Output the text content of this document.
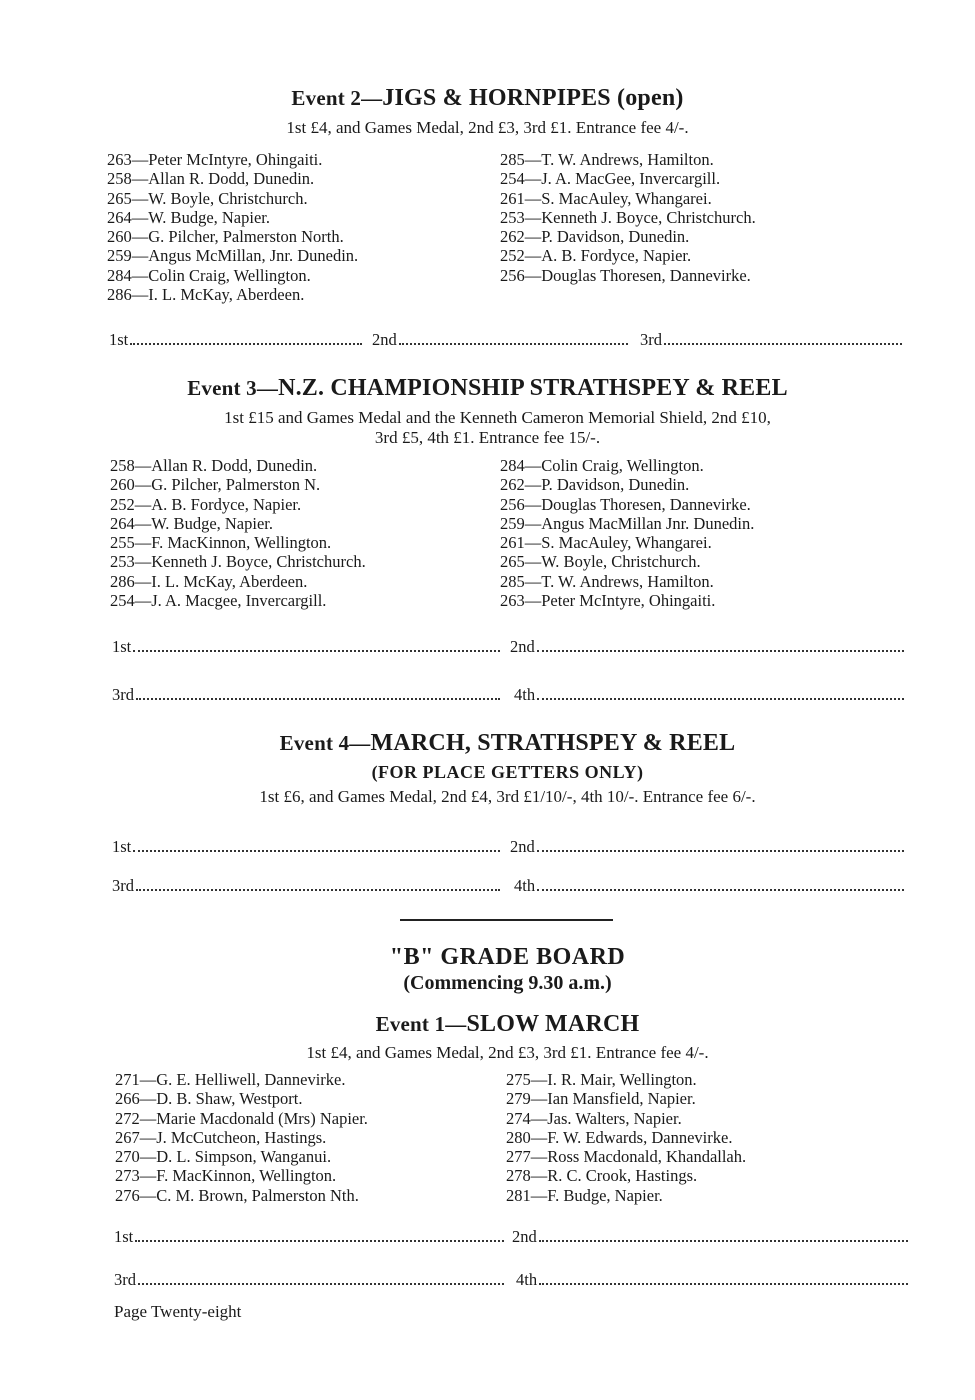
Event 2—JIGS & HORNPIPES (open)
1st £4, and Games Medal, 2nd £3, 3rd £1. Entrance fee 4/-.
263—Peter McIntyre, Ohingaiti.
258—Allan R. Dodd, Dunedin.
265—W. Boyle, Christchurch.
264—W. Budge, Napier.
260—G. Pilcher, Palmerston North.
259—Angus McMillan, Jnr. Dunedin.
284—Colin Craig, Wellington.
286—I. L. McKay, Aberdeen.
285—T. W. Andrews, Hamilton.
254—J. A. MacGee, Invercargill.
261—S. MacAuley, Whangarei.
253—Kenneth J. Boyce, Christchurch.
262—P. Davidson, Dunedin.
252—A. B. Fordyce, Napier.
256—Douglas Thoresen, Dannevirke.
1st	2nd	3rd
Event 3—N.Z. CHAMPIONSHIP STRATHSPEY & REEL
1st £15 and Games Medal and the Kenneth Cameron Memorial Shield, 2nd £10,
3rd £5, 4th £1. Entrance fee 15/-.
258—Allan R. Dodd, Dunedin.
260—G. Pilcher, Palmerston N.
252—A. B. Fordyce, Napier.
264—W. Budge, Napier.
255—F. MacKinnon, Wellington.
253—Kenneth J. Boyce, Christchurch.
286—I. L. McKay, Aberdeen.
254—J. A. Macgee, Invercargill.
284—Colin Craig, Wellington.
262—P. Davidson, Dunedin.
256—Douglas Thoresen, Dannevirke.
259—Angus MacMillan Jnr. Dunedin.
261—S. MacAuley, Whangarei.
265—W. Boyle, Christchurch.
285—T. W. Andrews, Hamilton.
263—Peter McIntyre, Ohingaiti.
1st	2nd
3rd	4th
Event 4—MARCH, STRATHSPEY & REEL
(FOR PLACE GETTERS ONLY)
1st £6, and Games Medal, 2nd £4, 3rd £1/10/-, 4th 10/-. Entrance fee 6/-.
1st	2nd
3rd	4th
"B" GRADE BOARD
(Commencing 9.30 a.m.)
Event 1—SLOW MARCH
1st £4, and Games Medal, 2nd £3, 3rd £1. Entrance fee 4/-.
271—G. E. Helliwell, Dannevirke.
266—D. B. Shaw, Westport.
272—Marie Macdonald (Mrs) Napier.
267—J. McCutcheon, Hastings.
270—D. L. Simpson, Wanganui.
273—F. MacKinnon, Wellington.
276—C. M. Brown, Palmerston Nth.
275—I. R. Mair, Wellington.
279—Ian Mansfield, Napier.
274—Jas. Walters, Napier.
280—F. W. Edwards, Dannevirke.
277—Ross Macdonald, Khandallah.
278—R. C. Crook, Hastings.
281—F. Budge, Napier.
1st	2nd
3rd	4th
Page Twenty-eight
